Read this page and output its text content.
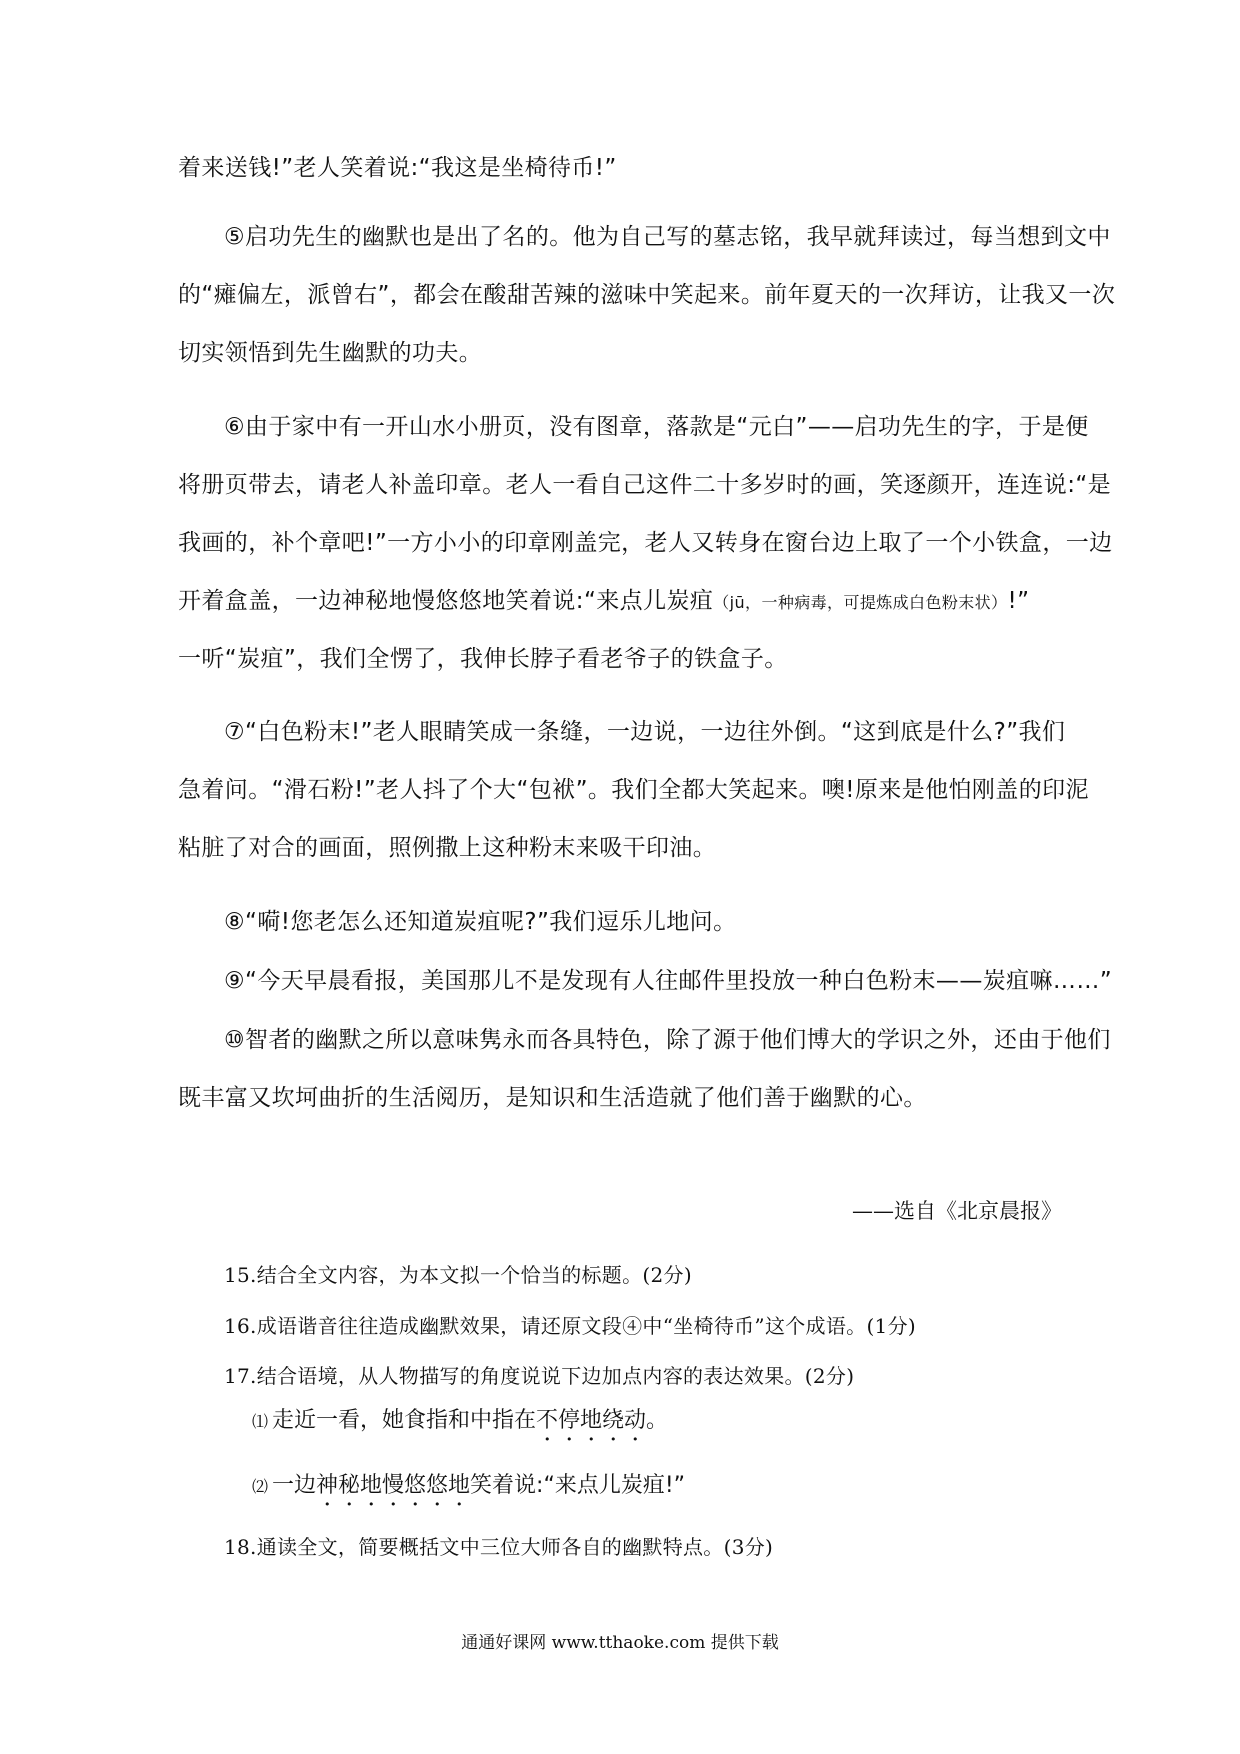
着来送钱!”老人笑着说:“我这是坐椅待币!”
⑤启功先生的幽默也是出了名的。他为自己写的墓志铭，我早就拜读过，每当想到文中
的“瘫偏左，派曾右”，都会在酸甜苦辣的滋味中笑起来。前年夏天的一次拜访，让我又一次
切实领悟到先生幽默的功夫。
⑥由于家中有一开山水小册页，没有图章，落款是“元白”——启功先生的字，于是便
将册页带去，请老人补盖印章。老人一看自己这件二十多岁时的画，笑逐颜开，连连说:“是
我画的，补个章吧!”一方小小的印章刚盖完，老人又转身在窗台边上取了一个小铁盒，一边
开着盒盖，一边神秘地慢悠悠地笑着说:“来点儿炭疽（jū，一种病毒，可提炼成白色粉末状）!”
一听“炭疽”，我们全愣了，我伸长脖子看老爷子的铁盒子。
⑦“白色粉末!”老人眼睛笑成一条缝，一边说，一边往外倒。“这到底是什么?”我们
急着问。“滑石粉!”老人抖了个大“包袱”。我们全都大笑起来。噢!原来是他怕刚盖的印泥
粘脏了对合的画面，照例撒上这种粉末来吸干印油。
⑧“嗬!您老怎么还知道炭疽呢?”我们逗乐儿地问。
⑨“今天早晨看报，美国那儿不是发现有人往邮件里投放一种白色粉末——炭疽嘛……”
⑩智者的幽默之所以意味隽永而各具特色，除了源于他们博大的学识之外，还由于他们
既丰富又坎坷曲折的生活阅历，是知识和生活造就了他们善于幽默的心。
——选自《北京晨报》
15.结合全文内容，为本文拟一个恰当的标题。(2分)
16.成语谐音往往造成幽默效果，请还原文段④中“坐椅待币”这个成语。(1分)
17.结合语境，从人物描写的角度说说下边加点内容的表达效果。(2分)
⑴ 走近一看，她食指和中指在不停地绕动。
⑵ 一边神秘地慢悠悠地笑着说:“来点儿炭疽!”
18.通读全文，简要概括文中三位大师各自的幽默特点。(3分)
通通好课网 www.tthaoke.com 提供下载
